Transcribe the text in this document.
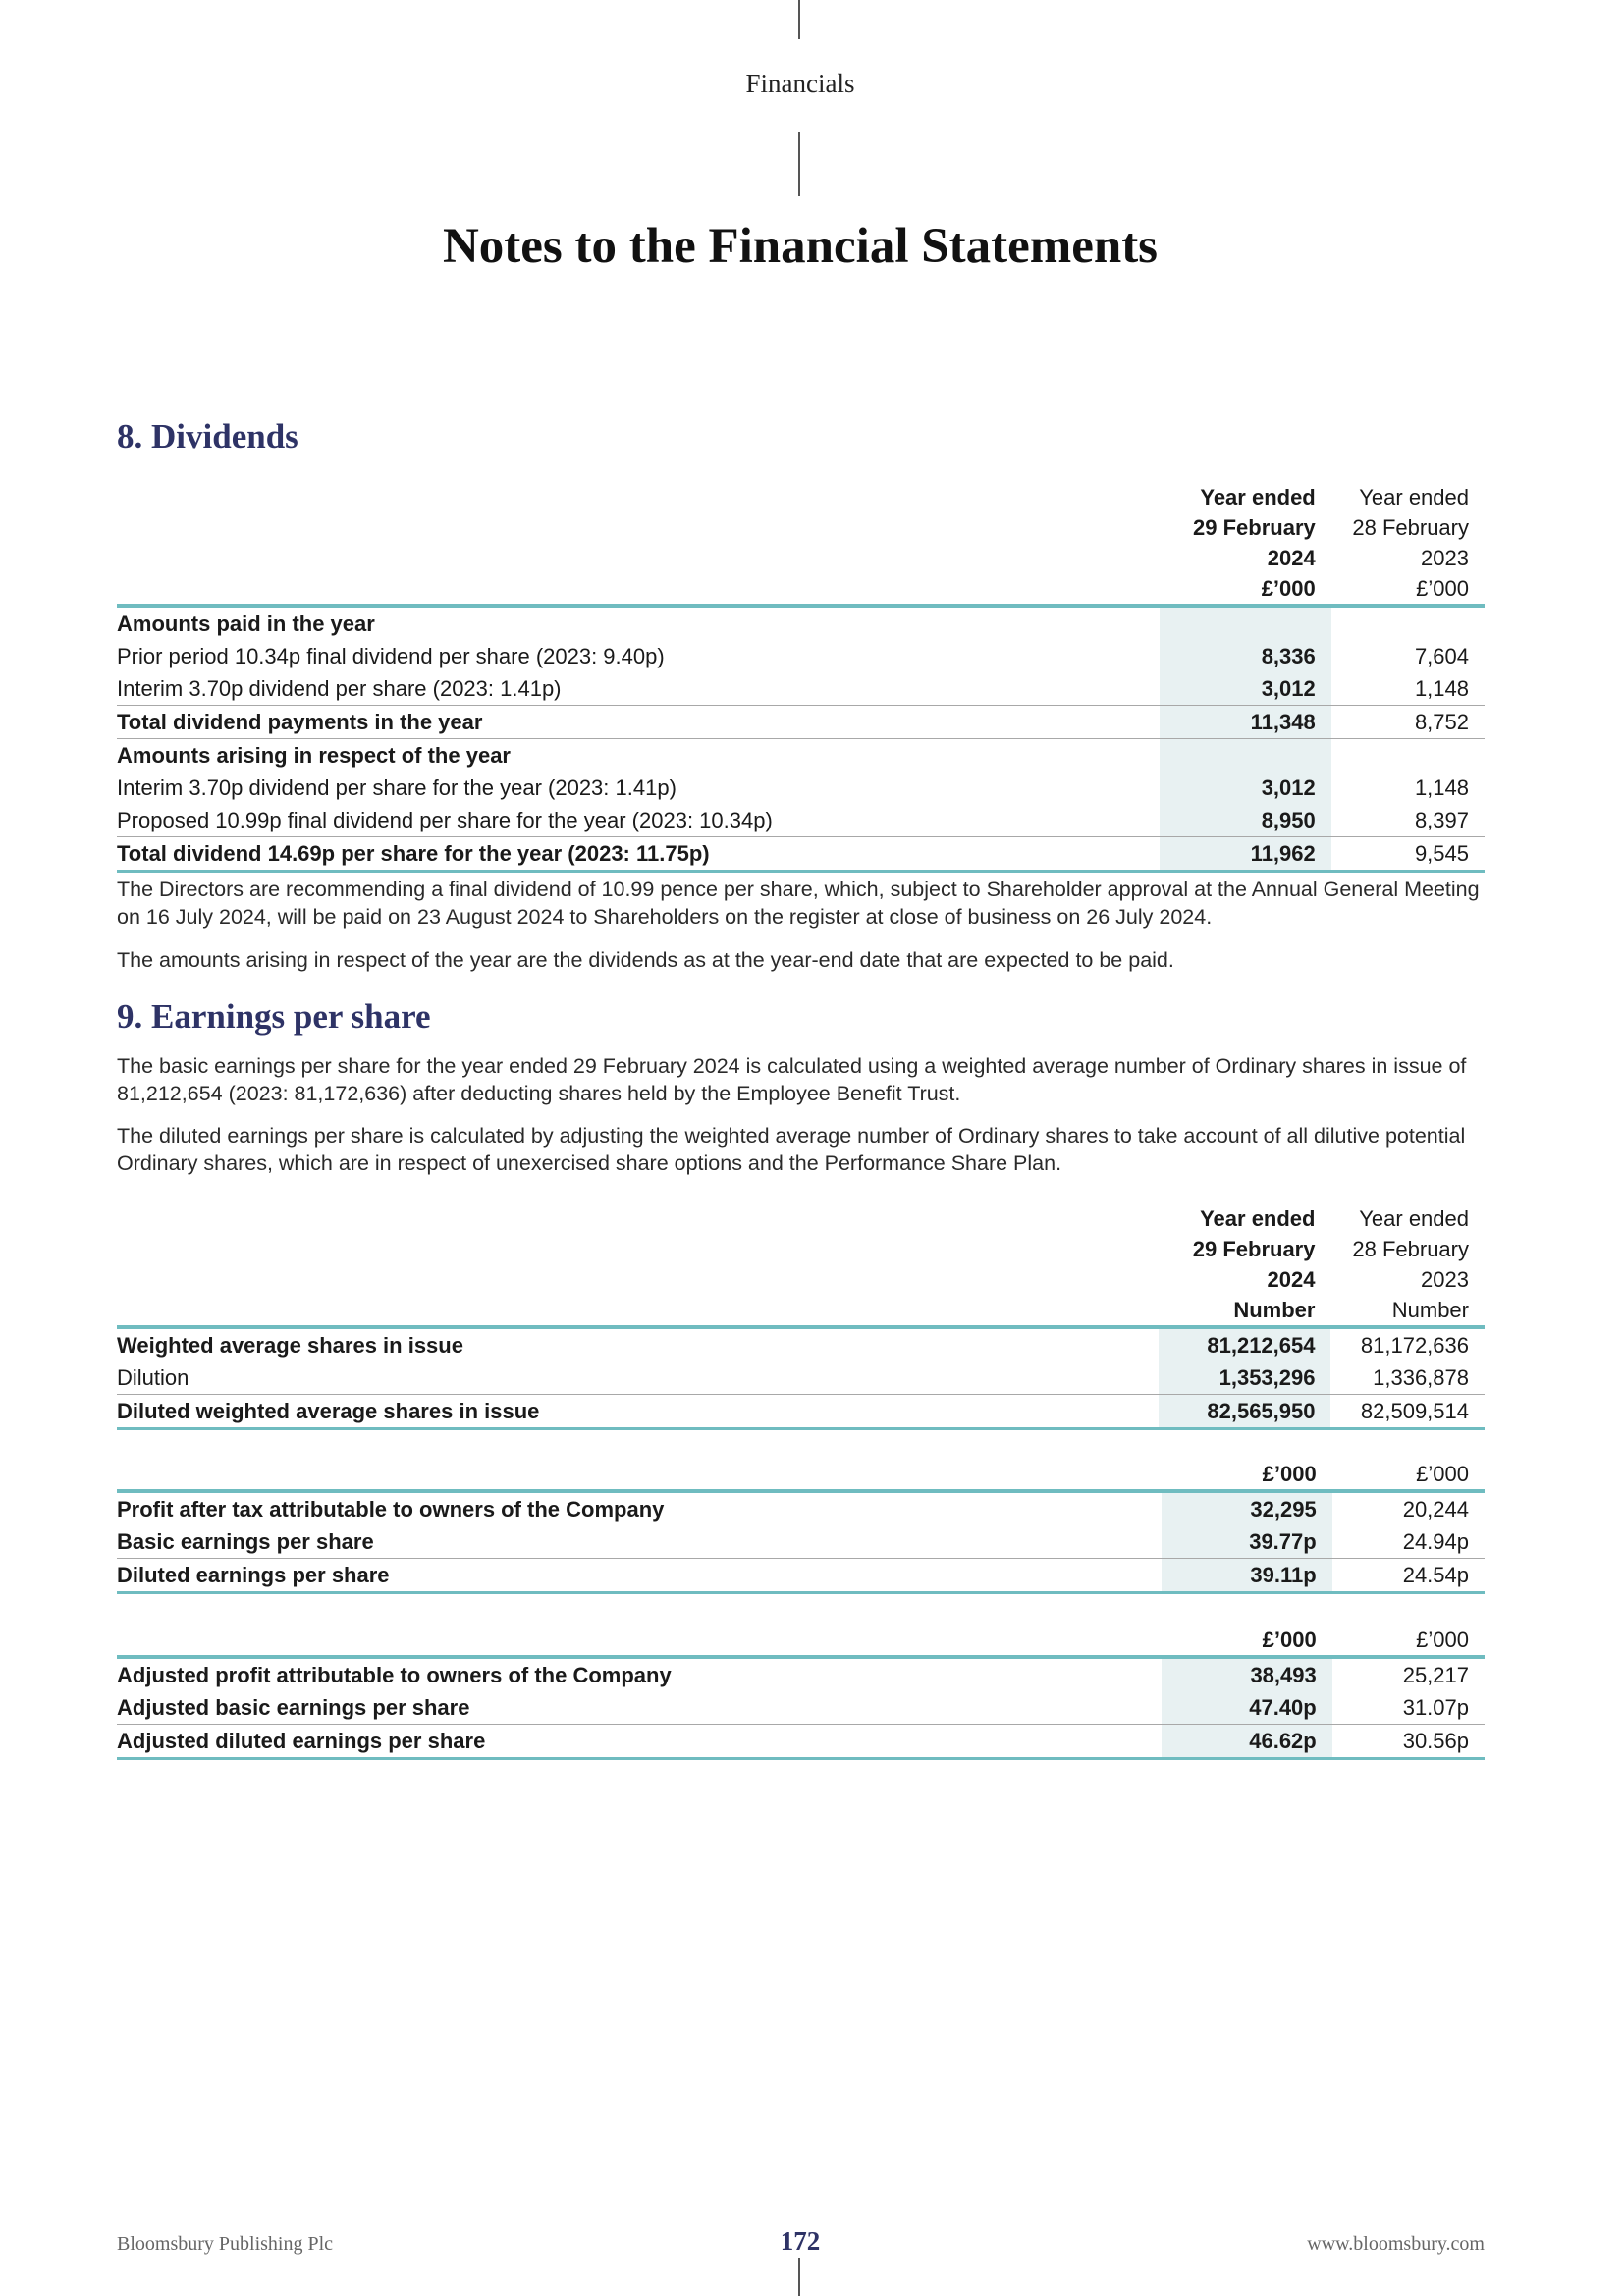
Financials
Notes to the Financial Statements
8. Dividends
	Year ended	Year ended
	29 February	28 February
	2024	2023
	£’000	£’000
Amounts paid in the year		
Prior period 10.34p final dividend per share (2023: 9.40p)	8,336	7,604
Interim 3.70p dividend per share (2023: 1.41p)	3,012	1,148
Total dividend payments in the year	11,348	8,752
Amounts arising in respect of the year		
Interim 3.70p dividend per share for the year (2023: 1.41p)	3,012	1,148
Proposed 10.99p final dividend per share for the year (2023: 10.34p)	8,950	8,397
Total dividend 14.69p per share for the year (2023: 11.75p)	11,962	9,545

The Directors are recommending a final dividend of 10.99 pence per share, which, subject to Shareholder approval at the Annual General Meeting on 16 July 2024, will be paid on 23 August 2024 to Shareholders on the register at close of business on 26 July 2024.

The amounts arising in respect of the year are the dividends as at the year-end date that are expected to be paid.

9. Earnings per share

The basic earnings per share for the year ended 29 February 2024 is calculated using a weighted average number of Ordinary shares in issue of 81,212,654 (2023: 81,172,636) after deducting shares held by the Employee Benefit Trust.

The diluted earnings per share is calculated by adjusting the weighted average number of Ordinary shares to take account of all dilutive potential Ordinary shares, which are in respect of unexercised share options and the Performance Share Plan.

	Year ended	Year ended
	29 February	28 February
	2024	2023
	Number	Number
Weighted average shares in issue	81,212,654	81,172,636
Dilution	1,353,296	1,336,878
Diluted weighted average shares in issue	82,565,950	82,509,514
	£’000	£’000
Profit after tax attributable to owners of the Company	32,295	20,244
Basic earnings per share	39.77p	24.94p
Diluted earnings per share	39.11p	24.54p
	£’000	£’000
Adjusted profit attributable to owners of the Company	38,493	25,217
Adjusted basic earnings per share	47.40p	31.07p
Adjusted diluted earnings per share	46.62p	30.56p
Bloomsbury Publishing Plc	172	www.bloomsbury.com
